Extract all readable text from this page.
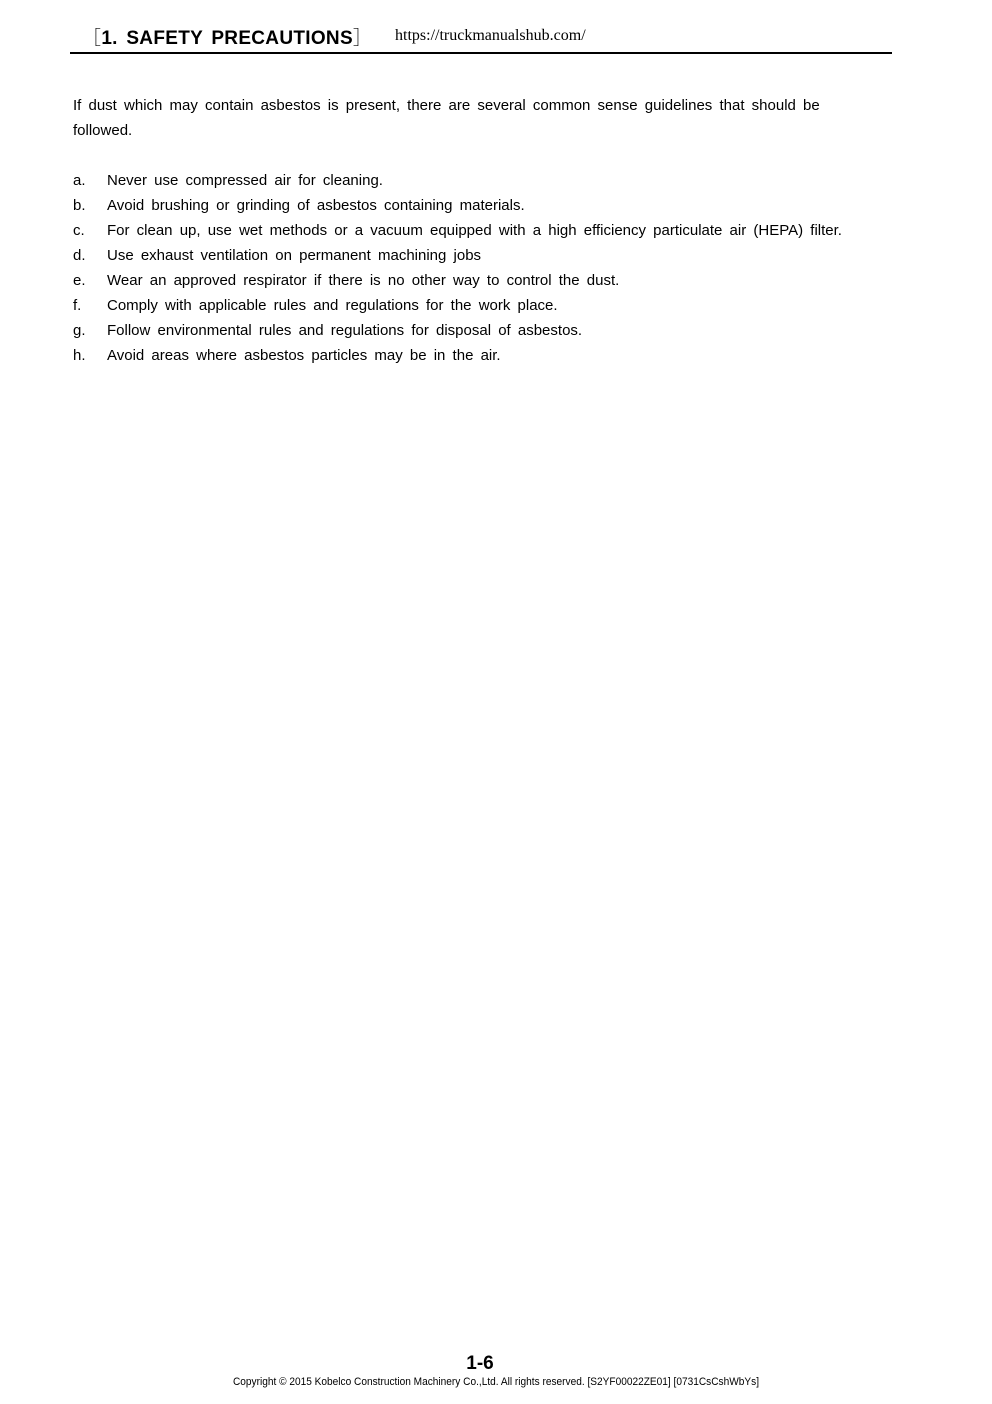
［1. SAFETY PRECAUTIONS］ https://truckmanualshub.com/

If dust which may contain asbestos is present, there are several common sense guidelines that should be followed.

a. Never use compressed air for cleaning.
b. Avoid brushing or grinding of asbestos containing materials.
c. For clean up, use wet methods or a vacuum equipped with a high efficiency particulate air (HEPA) filter.
d. Use exhaust ventilation on permanent machining jobs
e. Wear an approved respirator if there is no other way to control the dust.
f. Comply with applicable rules and regulations for the work place.
g. Follow environmental rules and regulations for disposal of asbestos.
h. Avoid areas where asbestos particles may be in the air.
1-6
Copyright © 2015 Kobelco Construction Machinery Co.,Ltd. All rights reserved. [S2YF00022ZE01] [0731CsCshWbYs]
